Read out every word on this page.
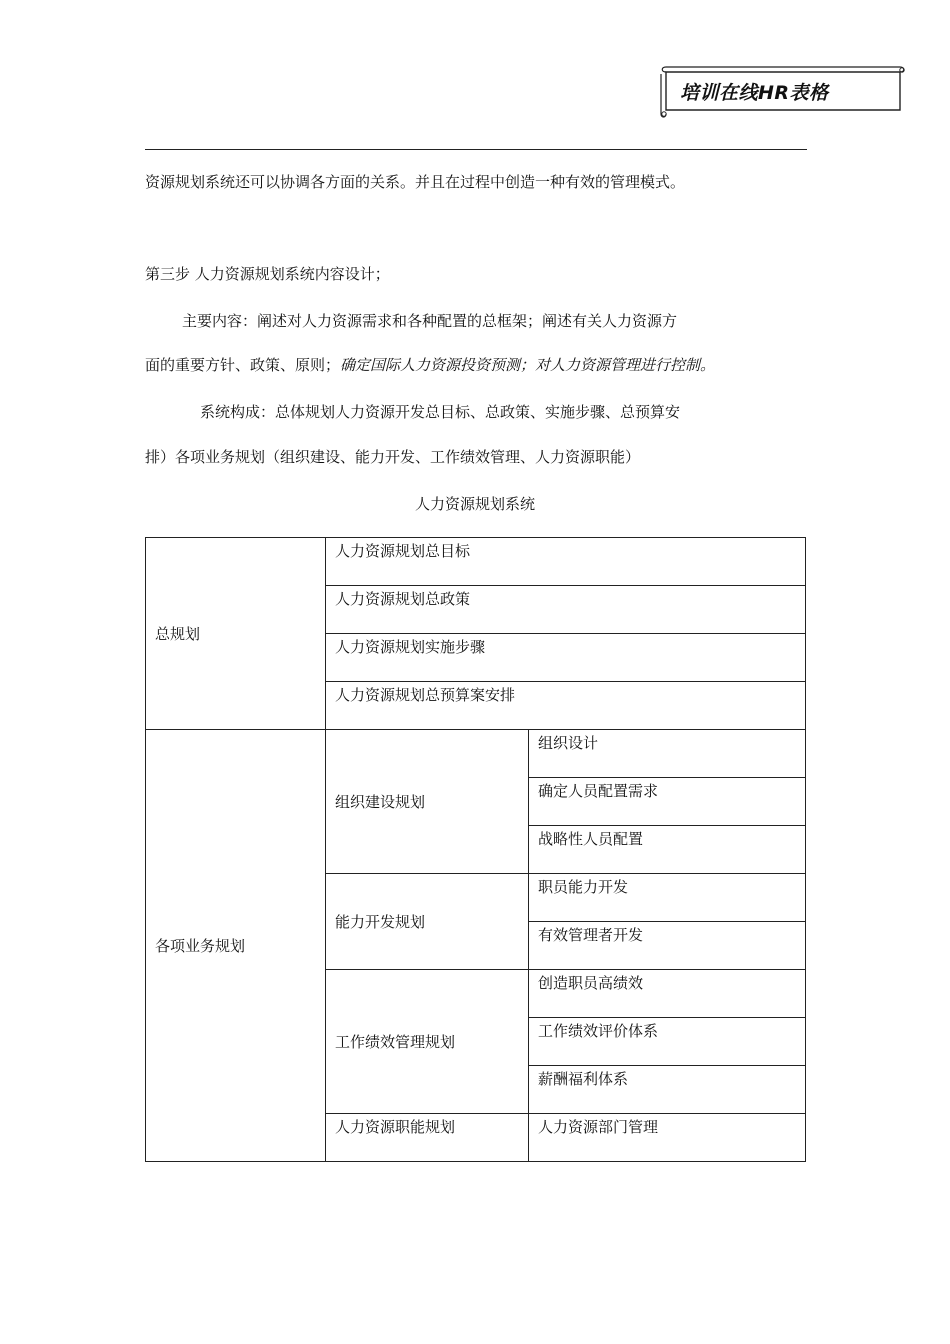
培训在线HR表格
资源规划系统还可以协调各方面的关系。并且在过程中创造一种有效的管理模式。
第三步 人力资源规划系统内容设计；
主要内容：阐述对人力资源需求和各种配置的总框架；阐述有关人力资源方
面的重要方针、政策、原则；确定国际人力资源投资预测；对人力资源管理进行控制。
系统构成：总体规划人力资源开发总目标、总政策、实施步骤、总预算安
排）各项业务规划（组织建设、能力开发、工作绩效管理、人力资源职能）
人力资源规划系统
总规划	人力资源规划总目标	
	人力资源规划总政策	
	人力资源规划实施步骤	
	人力资源规划总预算案安排	
各项业务规划	组织建设规划	组织设计
		确定人员配置需求
		战略性人员配置
	能力开发规划	职员能力开发
		有效管理者开发
	工作绩效管理规划	创造职员高绩效
		工作绩效评价体系
		薪酬福利体系
	人力资源职能规划	人力资源部门管理
